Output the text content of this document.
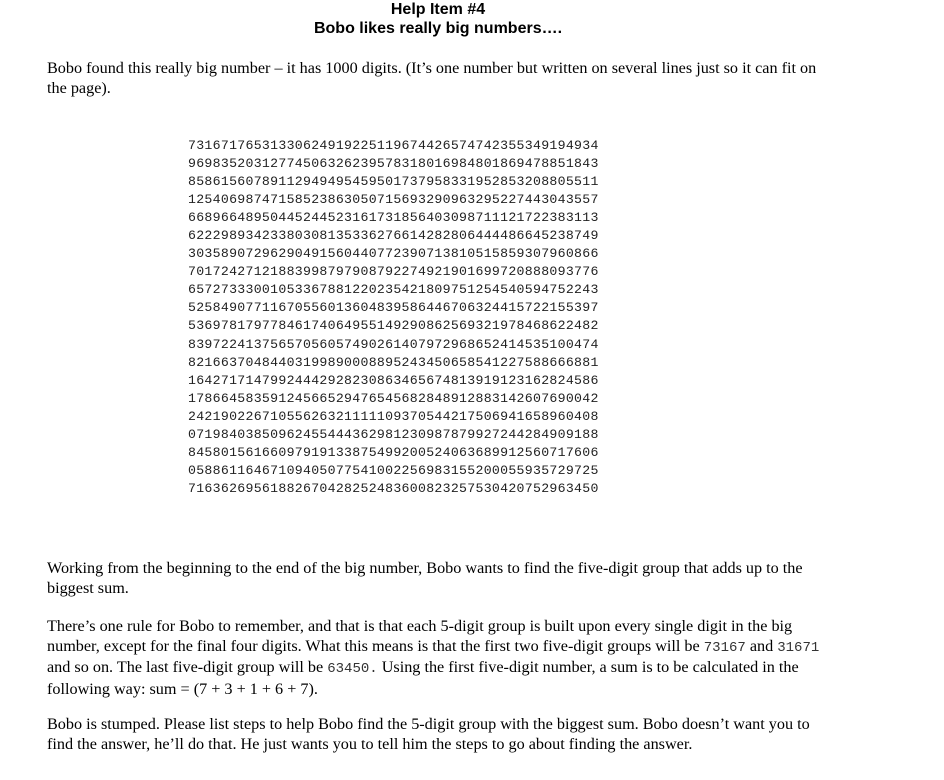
Help Item #4
Bobo likes really big numbers….
Bobo found this really big number – it has 1000 digits. (It’s one number but written on several lines just so it can fit on the page).
73167176531330624919225119674426574742355349194934
96983520312774506326239578318016984801869478851843
85861560789112949495459501737958331952853208805511
12540698747158523863050715693290963295227443043557
66896648950445244523161731856403098711121722383113
62229893423380308135336276614282806444486645238749
30358907296290491560440772390713810515859307960866
70172427121883998797908792274921901699720888093776
65727333001053367881220235421809751254540594752243
52584907711670556013604839586446706324415722155397
53697817977846174064955149290862569321978468622482
83972241375657056057490261407972968652414535100474
82166370484403199890008895243450658541227588666881
16427171479924442928230863465674813919123162824586
17866458359124566529476545682848912883142607690042
24219022671055626321111109370544217506941658960408
07198403850962455444362981230987879927244284909188
84580156166097919133875499200524063689912560717606
05886116467109405077541002256983155200055935729725
71636269561882670428252483600823257530420752963450
Working from the beginning to the end of the big number, Bobo wants to find the five-digit group that adds up to the biggest sum.
There’s one rule for Bobo to remember, and that is that each 5-digit group is built upon every single digit in the big number, except for the final four digits. What this means is that the first two five-digit groups will be 73167 and 31671 and so on. The last five-digit group will be 63450. Using the first five-digit number, a sum is to be calculated in the following way: sum = (7 + 3 + 1 + 6 + 7).
Bobo is stumped. Please list steps to help Bobo find the 5-digit group with the biggest sum. Bobo doesn’t want you to find the answer, he’ll do that. He just wants you to tell him the steps to go about finding the answer.
